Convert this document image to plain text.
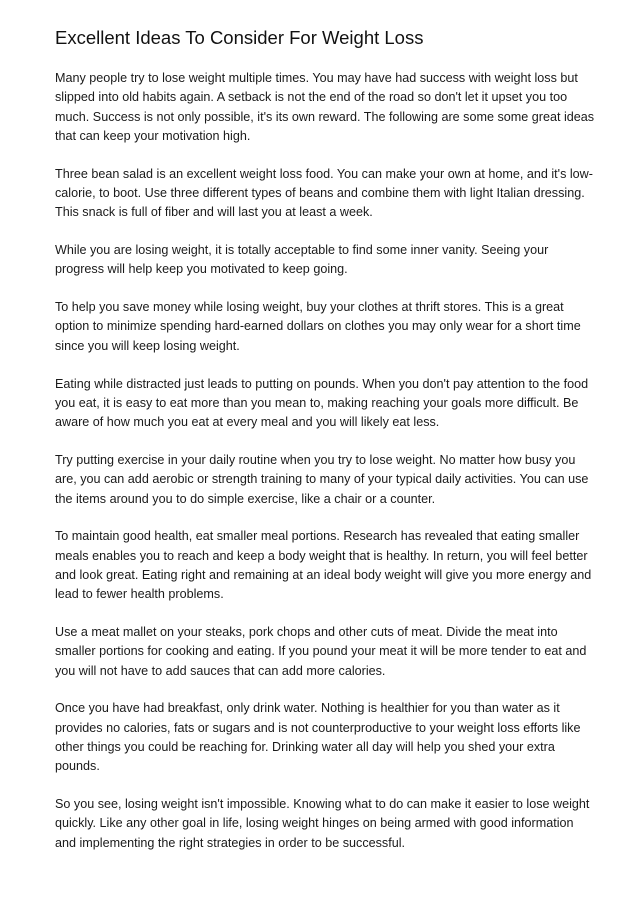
Excellent Ideas To Consider For Weight Loss

Many people try to lose weight multiple times. You may have had success with weight loss but slipped into old habits again. A setback is not the end of the road so don't let it upset you too much. Success is not only possible, it's its own reward. The following are some some great ideas that can keep your motivation high.

Three bean salad is an excellent weight loss food. You can make your own at home, and it's low-calorie, to boot. Use three different types of beans and combine them with light Italian dressing. This snack is full of fiber and will last you at least a week.

While you are losing weight, it is totally acceptable to find some inner vanity. Seeing your progress will help keep you motivated to keep going.

To help you save money while losing weight, buy your clothes at thrift stores. This is a great option to minimize spending hard-earned dollars on clothes you may only wear for a short time since you will keep losing weight.

Eating while distracted just leads to putting on pounds. When you don't pay attention to the food you eat, it is easy to eat more than you mean to, making reaching your goals more difficult. Be aware of how much you eat at every meal and you will likely eat less.

Try putting exercise in your daily routine when you try to lose weight. No matter how busy you are, you can add aerobic or strength training to many of your typical daily activities. You can use the items around you to do simple exercise, like a chair or a counter.

To maintain good health, eat smaller meal portions. Research has revealed that eating smaller meals enables you to reach and keep a body weight that is healthy. In return, you will feel better and look great. Eating right and remaining at an ideal body weight will give you more energy and lead to fewer health problems.

Use a meat mallet on your steaks, pork chops and other cuts of meat. Divide the meat into smaller portions for cooking and eating. If you pound your meat it will be more tender to eat and you will not have to add sauces that can add more calories.

Once you have had breakfast, only drink water. Nothing is healthier for you than water as it provides no calories, fats or sugars and is not counterproductive to your weight loss efforts like other things you could be reaching for. Drinking water all day will help you shed your extra pounds.

So you see, losing weight isn't impossible. Knowing what to do can make it easier to lose weight quickly. Like any other goal in life, losing weight hinges on being armed with good information and implementing the right strategies in order to be successful.
